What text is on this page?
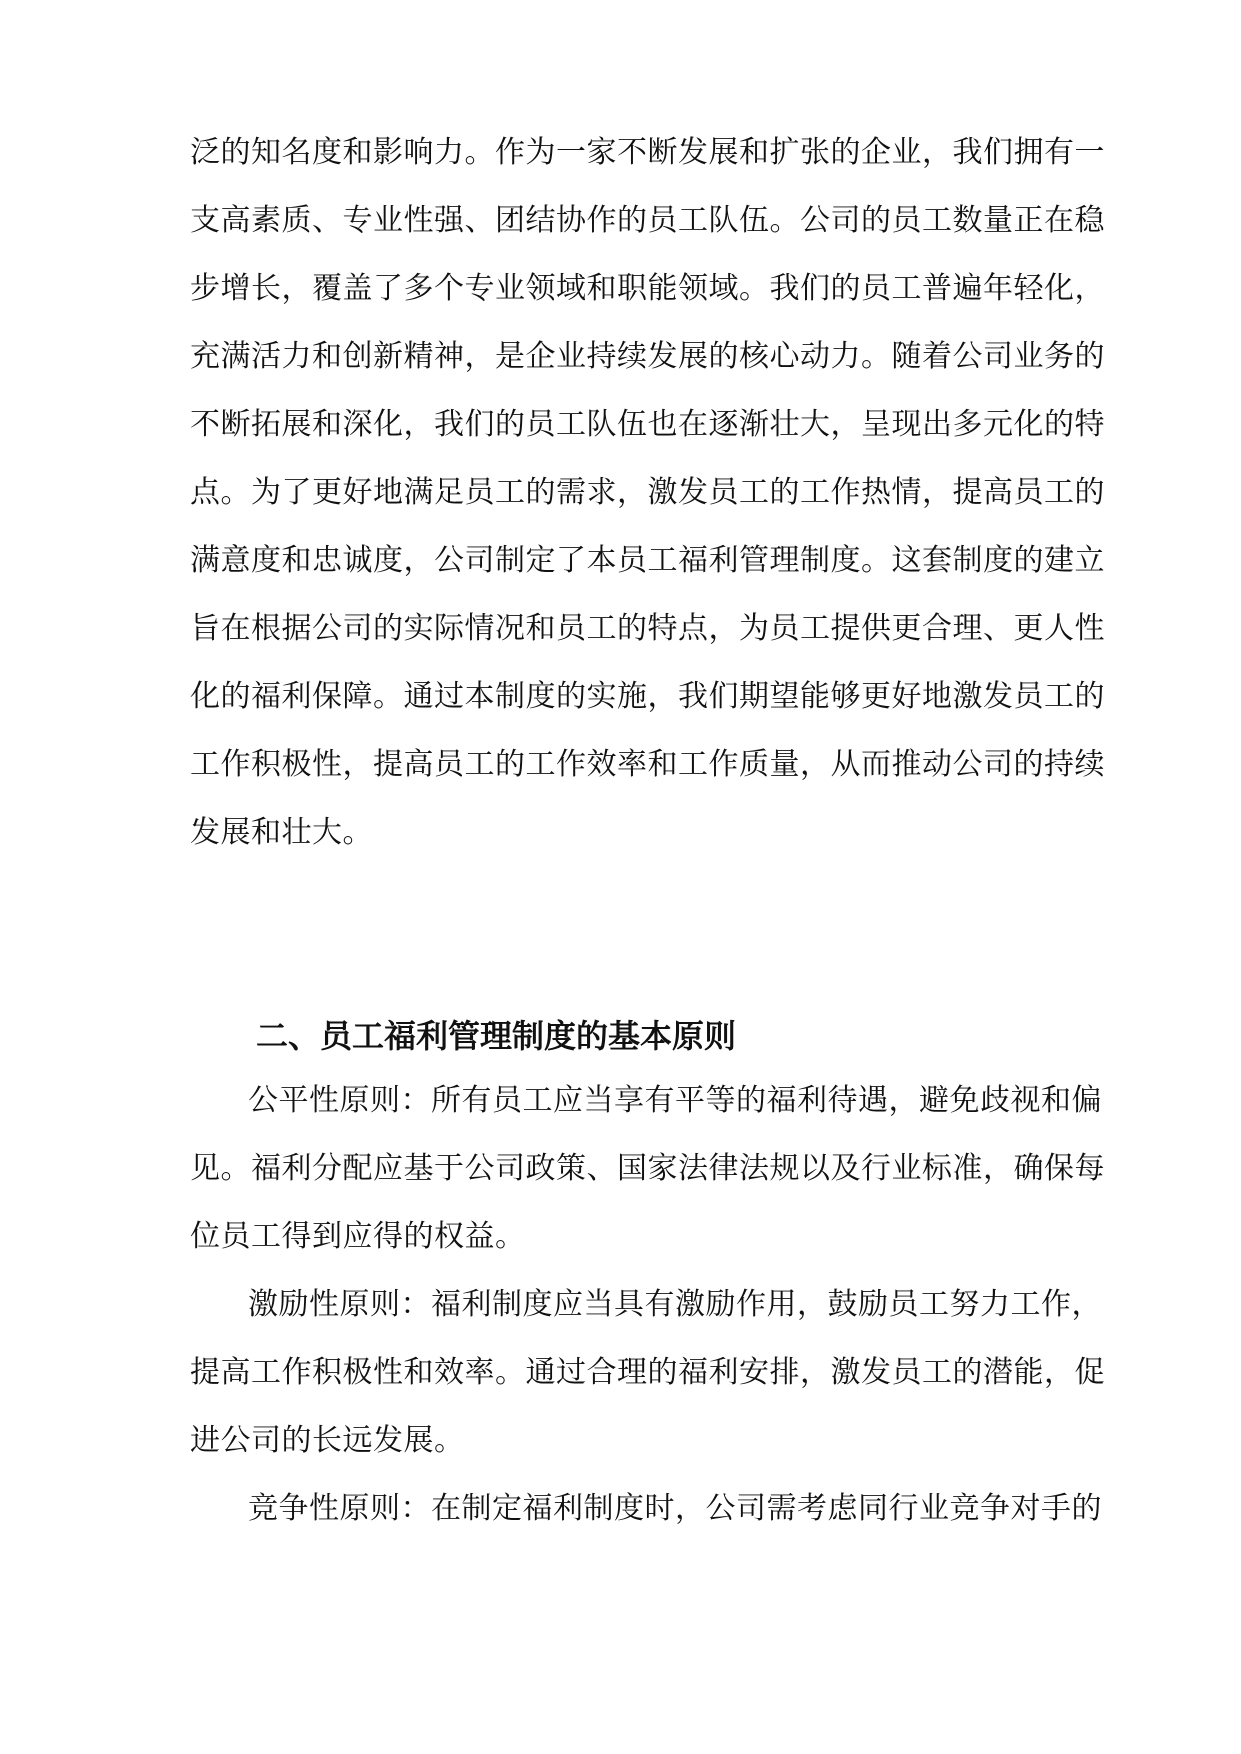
泛的知名度和影响力。作为一家不断发展和扩张的企业，我们拥有一
支高素质、专业性强、团结协作的员工队伍。公司的员工数量正在稳
步增长，覆盖了多个专业领域和职能领域。我们的员工普遍年轻化，
充满活力和创新精神，是企业持续发展的核心动力。随着公司业务的
不断拓展和深化，我们的员工队伍也在逐渐壮大，呈现出多元化的特
点。为了更好地满足员工的需求，激发员工的工作热情，提高员工的
满意度和忠诚度，公司制定了本员工福利管理制度。这套制度的建立
旨在根据公司的实际情况和员工的特点，为员工提供更合理、更人性
化的福利保障。通过本制度的实施，我们期望能够更好地激发员工的
工作积极性，提高员工的工作效率和工作质量，从而推动公司的持续
发展和壮大。
二、员工福利管理制度的基本原则
公平性原则：所有员工应当享有平等的福利待遇，避免歧视和偏
见。福利分配应基于公司政策、国家法律法规以及行业标准，确保每
位员工得到应得的权益。
激励性原则：福利制度应当具有激励作用，鼓励员工努力工作，
提高工作积极性和效率。通过合理的福利安排，激发员工的潜能，促
进公司的长远发展。
竞争性原则：在制定福利制度时，公司需考虑同行业竞争对手的
